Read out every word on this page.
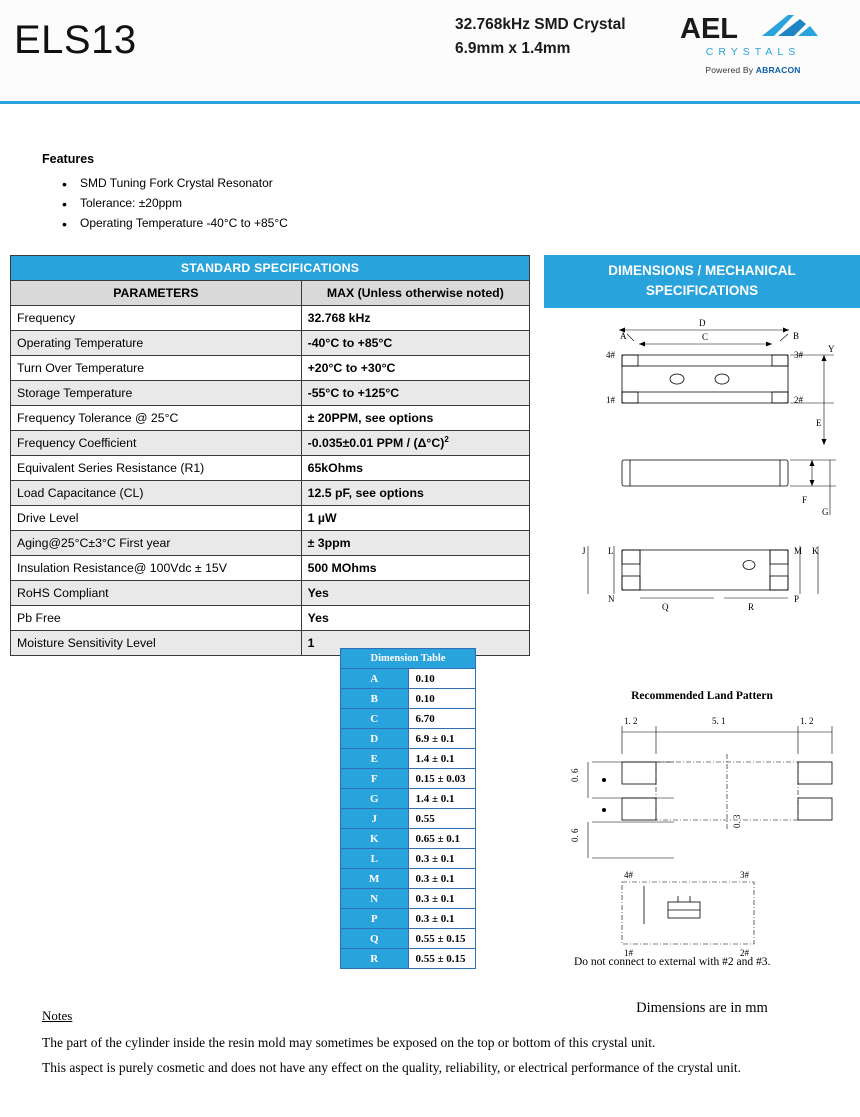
ELS13	32.768kHz SMD Crystal
6.9mm x 1.4mm
AEL
CRYSTALS
Powered By ABRACON
Features
• SMD Tuning Fork Crystal Resonator
• Tolerance: ±20ppm
• Operating Temperature -40°C to +85°C
STANDARD SPECIFICATIONS	
PARAMETERS	MAX (Unless otherwise noted)
Frequency	32.768 kHz
Operating Temperature	-40°C to +85°C
Turn Over Temperature	+20°C to +30°C
Storage Temperature	-55°C to +125°C
Frequency Tolerance @ 25°C	± 20PPM, see options
Frequency Coefficient	-0.035±0.01 PPM / $(\Delta^\circ C)^2$
Equivalent Series Resistance (R1)	65kOhms
Load Capacitance (CL)	12.5 pF, see options
Drive Level	1 µW
Aging@25°C±3°C First year	± 3ppm
Insulation Resistance@ 100Vdc ± 15V	500 MOhms
RoHS Compliant	Yes
Pb Free	Yes
Moisture Sensitivity Level	1
Dimension Table	
A	0.10
B	0.10
C	6.70
D	6.9 ± 0.1
E	1.4 ± 0.1
F	0.15 ± 0.03
G	1.4 ± 0.1
J	0.55
K	0.65 ± 0.1
L	0.3 ± 0.1
M	0.3 ± 0.1
N	0.3 ± 0.1
P	0.3 ± 0.1
Q	0.55 ± 0.15
R	0.55 ± 0.15
DIMENSIONS / MECHANICAL
SPECIFICATIONS
D
C
A	B
4#	3#
1#	2#
E
Y
F
G
J L	M K
N
Q	R
P
Recommended Land Pattern
1. 2	5. 1	1. 2
0. 6
0. 6
0. 3
4#	3#
1#	2#
Do not connect to external with #2 and #3.
Dimensions are in mm
Notes

The part of the cylinder inside the resin mold may sometimes be exposed on the top or bottom of this crystal unit.

This aspect is purely cosmetic and does not have any effect on the quality, reliability, or electrical performance of the crystal unit.
